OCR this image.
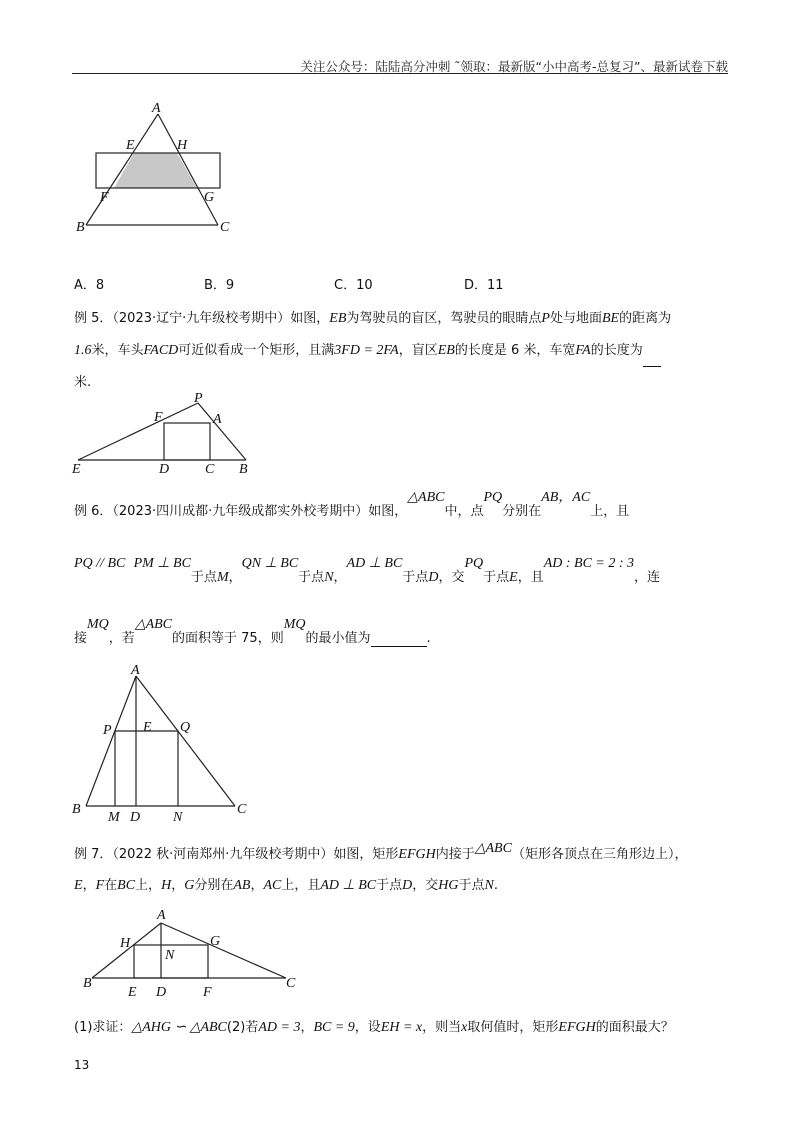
关注公众号：陆陆高分冲刺 ˜领取：最新版“小中高考-总复习”、最新试卷下载
A
E	H
F	G
B	C
A．8	B．9	C．10	D．11
例 5．（2023·辽宁·九年级校考期中）如图，EB为驾驶员的盲区，驾驶员的眼睛点P处与地面BE的距离为
1.6米，车头FACD可近似看成一个矩形，且满3FD = 2FA，盲区EB的长度是 6 米，车宽FA的长度为
米.
P
F	A
E	D	C B
例 6．（2023·四川成都·九年级成都实外校考期中）如图，△ABC中，点PQ分别在AB，AC上，且
PQ // BC PM ⊥ BC于点M，QN ⊥ BC于点N，AD ⊥ BC于点D，交PQ于点E，且AD : BC = 2 : 3，连
接MQ，若△ABC的面积等于 75，则MQ的最小值为	.
A
P E Q
B
M D N
C
例 7．（2022 秋·河南郑州·九年级校考期中）如图，矩形EFGH内接于△ABC（矩形各顶点在三角形边上），
E，F在BC上，H，G分别在AB，AC上，且AD ⊥ BC于点D，交HG于点N.
A
H	G
N
B
E D	F
C
(1)求证：△AHG ∽ △ABC(2)若AD = 3，BC = 9，设EH = x，则当x取何值时，矩形EFGH的面积最大？
13
